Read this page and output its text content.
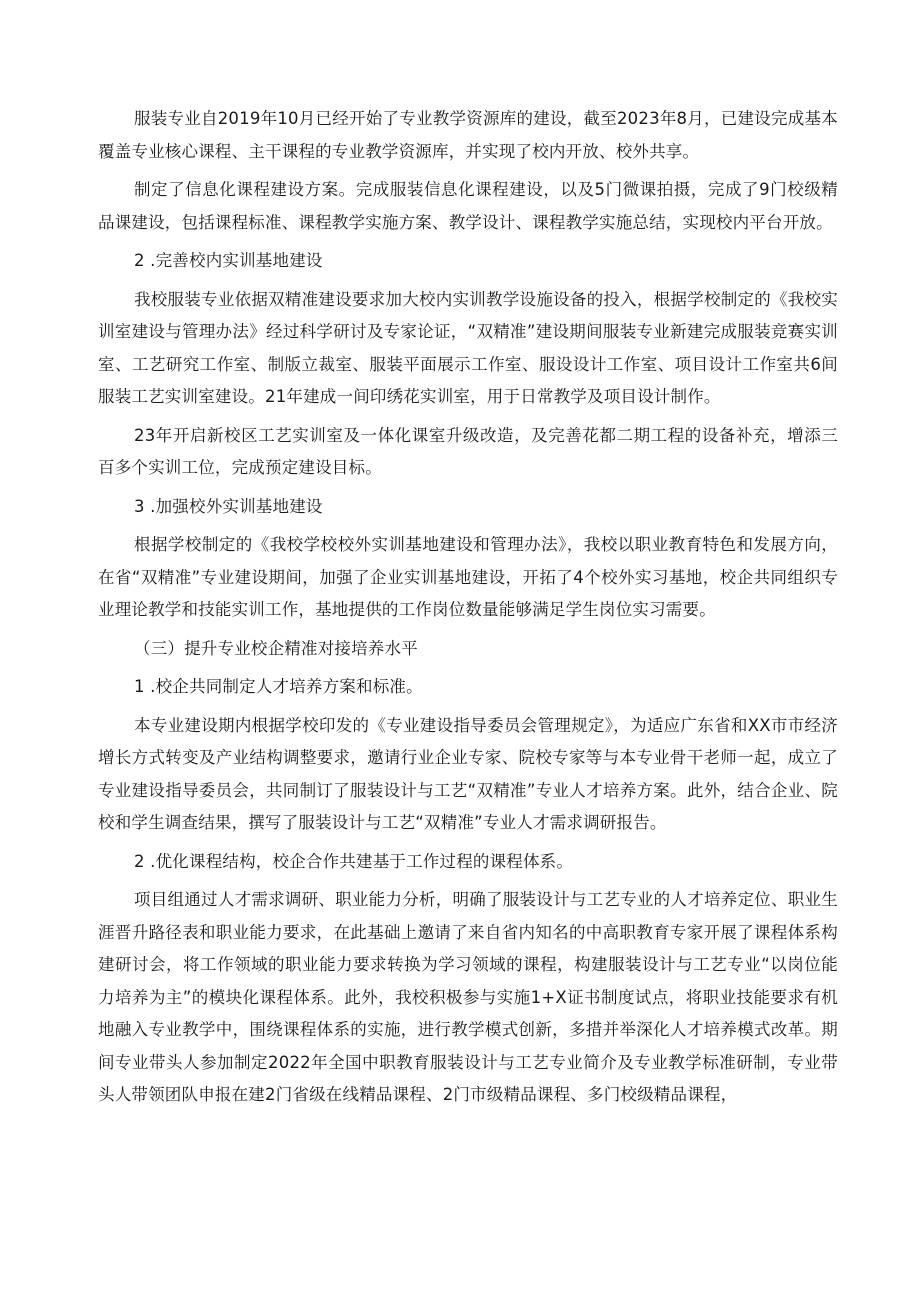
服装专业自2019年10月已经开始了专业教学资源库的建设，截至2023年8月，已建设完成基本覆盖专业核心课程、主干课程的专业教学资源库，并实现了校内开放、校外共享。

制定了信息化课程建设方案。完成服装信息化课程建设，以及5门微课拍摄，完成了9门校级精品课建设，包括课程标准、课程教学实施方案、教学设计、课程教学实施总结，实现校内平台开放。

2 .完善校内实训基地建设

我校服装专业依据双精准建设要求加大校内实训教学设施设备的投入，根据学校制定的《我校实训室建设与管理办法》经过科学研讨及专家论证，“双精准”建设期间服装专业新建完成服装竞赛实训室、工艺研究工作室、制版立裁室、服装平面展示工作室、服设设计工作室、项目设计工作室共6间服装工艺实训室建设。21年建成一间印绣花实训室，用于日常教学及项目设计制作。

23年开启新校区工艺实训室及一体化课室升级改造，及完善花都二期工程的设备补充，增添三百多个实训工位，完成预定建设目标。

3 .加强校外实训基地建设

根据学校制定的《我校学校校外实训基地建设和管理办法》，我校以职业教育特色和发展方向，在省“双精准”专业建设期间，加强了企业实训基地建设，开拓了4个校外实习基地，校企共同组织专业理论教学和技能实训工作，基地提供的工作岗位数量能够满足学生岗位实习需要。

（三）提升专业校企精准对接培养水平

1 .校企共同制定人才培养方案和标准。

本专业建设期内根据学校印发的《专业建设指导委员会管理规定》，为适应广东省和XX市市经济增长方式转变及产业结构调整要求，邀请行业企业专家、院校专家等与本专业骨干老师一起，成立了专业建设指导委员会，共同制订了服装设计与工艺“双精准”专业人才培养方案。此外，结合企业、院校和学生调查结果，撰写了服装设计与工艺“双精准”专业人才需求调研报告。

2 .优化课程结构，校企合作共建基于工作过程的课程体系。

项目组通过人才需求调研、职业能力分析，明确了服装设计与工艺专业的人才培养定位、职业生涯晋升路径表和职业能力要求，在此基础上邀请了来自省内知名的中高职教育专家开展了课程体系构建研讨会，将工作领域的职业能力要求转换为学习领域的课程，构建服装设计与工艺专业“以岗位能力培养为主”的模块化课程体系。此外，我校积极参与实施1+X证书制度试点，将职业技能要求有机地融入专业教学中，围绕课程体系的实施，进行教学模式创新，多措并举深化人才培养模式改革。期间专业带头人参加制定2022年全国中职教育服装设计与工艺专业简介及专业教学标准研制，专业带头人带领团队申报在建2门省级在线精品课程、2门市级精品课程、多门校级精品课程，
